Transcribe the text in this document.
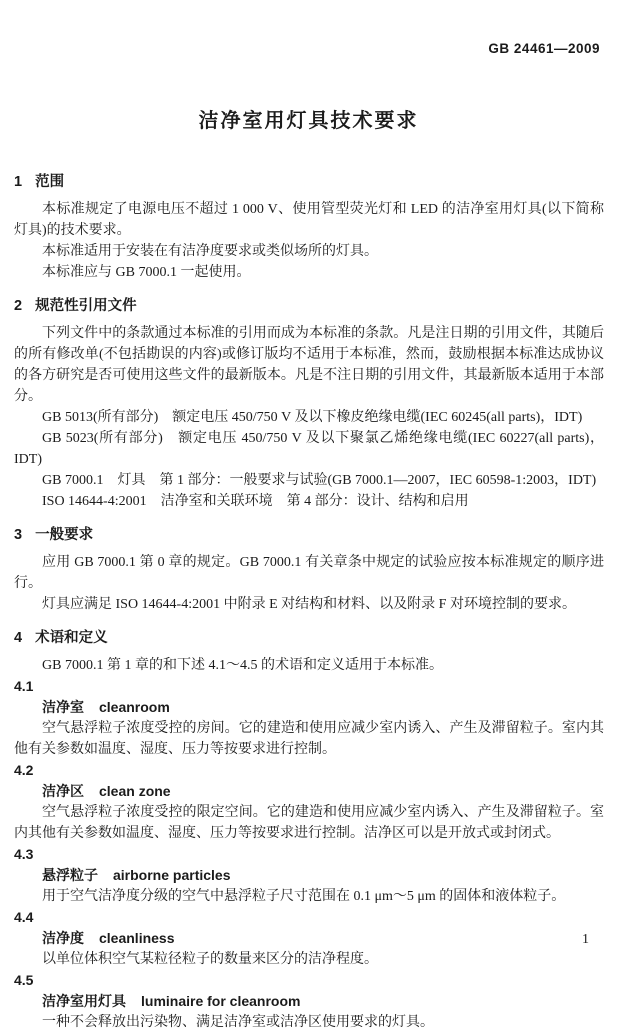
GB 24461—2009
洁净室用灯具技术要求
1 范围

本标准规定了电源电压不超过 1 000 V、使用管型荧光灯和 LED 的洁净室用灯具(以下简称灯具)的技术要求。

本标准适用于安装在有洁净度要求或类似场所的灯具。

本标准应与 GB 7000.1 一起使用。

2 规范性引用文件

下列文件中的条款通过本标准的引用而成为本标准的条款。凡是注日期的引用文件，其随后的所有修改单(不包括勘误的内容)或修订版均不适用于本标准，然而，鼓励根据本标准达成协议的各方研究是否可使用这些文件的最新版本。凡是不注日期的引用文件，其最新版本适用于本部分。

GB 5013(所有部分)　额定电压 450/750 V 及以下橡皮绝缘电缆(IEC 60245(all parts)，IDT)

GB 5023(所有部分)　额定电压 450/750 V 及以下聚氯乙烯绝缘电缆(IEC 60227(all parts)，IDT)

GB 7000.1　灯具　第 1 部分：一般要求与试验(GB 7000.1—2007，IEC 60598-1:2003，IDT)

ISO 14644-4:2001　洁净室和关联环境　第 4 部分：设计、结构和启用

3 一般要求

应用 GB 7000.1 第 0 章的规定。GB 7000.1 有关章条中规定的试验应按本标准规定的顺序进行。

灯具应满足 ISO 14644-4:2001 中附录 E 对结构和材料、以及附录 F 对环境控制的要求。

4 术语和定义

GB 7000.1 第 1 章的和下述 4.1～4.5 的术语和定义适用于本标准。

4.1
洁净室 cleanroom

空气悬浮粒子浓度受控的房间。它的建造和使用应减少室内诱入、产生及滞留粒子。室内其他有关参数如温度、湿度、压力等按要求进行控制。

4.2
洁净区 clean zone

空气悬浮粒子浓度受控的限定空间。它的建造和使用应减少室内诱入、产生及滞留粒子。室内其他有关参数如温度、湿度、压力等按要求进行控制。洁净区可以是开放式或封闭式。

4.3
悬浮粒子 airborne particles

用于空气洁净度分级的空气中悬浮粒子尺寸范围在 0.1 μm～5 μm 的固体和液体粒子。

4.4
洁净度 cleanliness

以单位体积空气某粒径粒子的数量来区分的洁净程度。

4.5
洁净室用灯具 luminaire for cleanroom

一种不会释放出污染物、满足洁净室或洁净区使用要求的灯具。

1
